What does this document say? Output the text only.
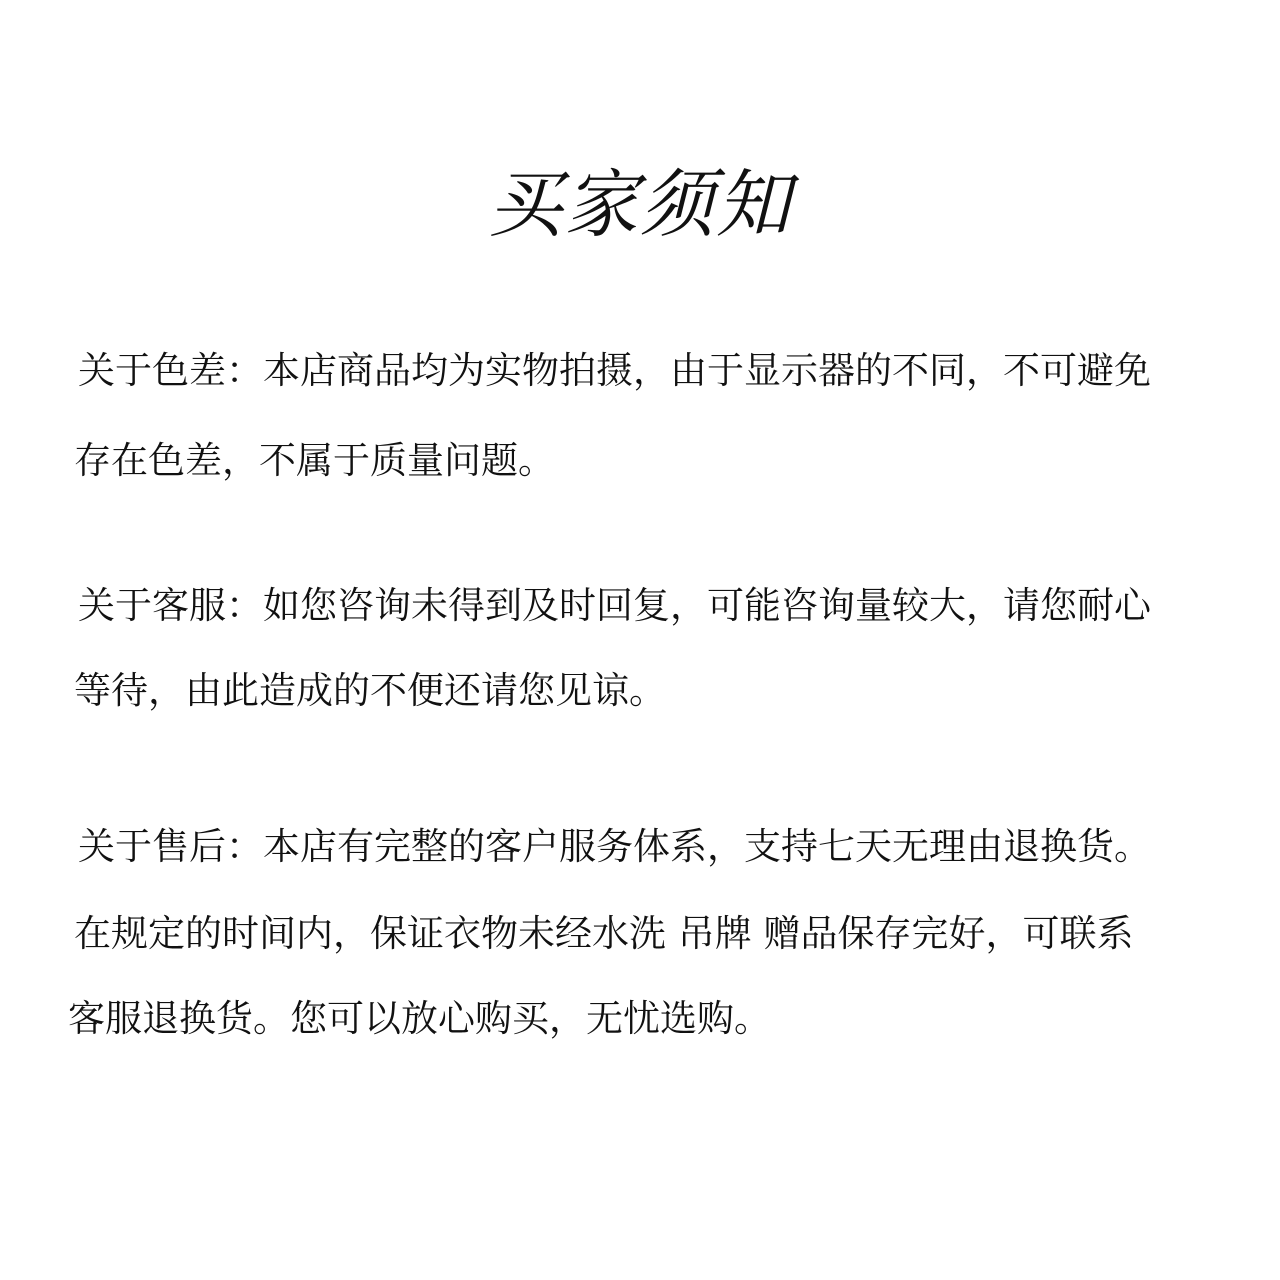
买家须知
关于色差：本店商品均为实物拍摄，由于显示器的不同，不可避免
存在色差，不属于质量问题。
关于客服：如您咨询未得到及时回复，可能咨询量较大，请您耐心
等待，由此造成的不便还请您见谅。
关于售后：本店有完整的客户服务体系，支持七天无理由退换货。
在规定的时间内，保证衣物未经水洗 吊牌 赠品保存完好，可联系
客服退换货。您可以放心购买，无忧选购。
